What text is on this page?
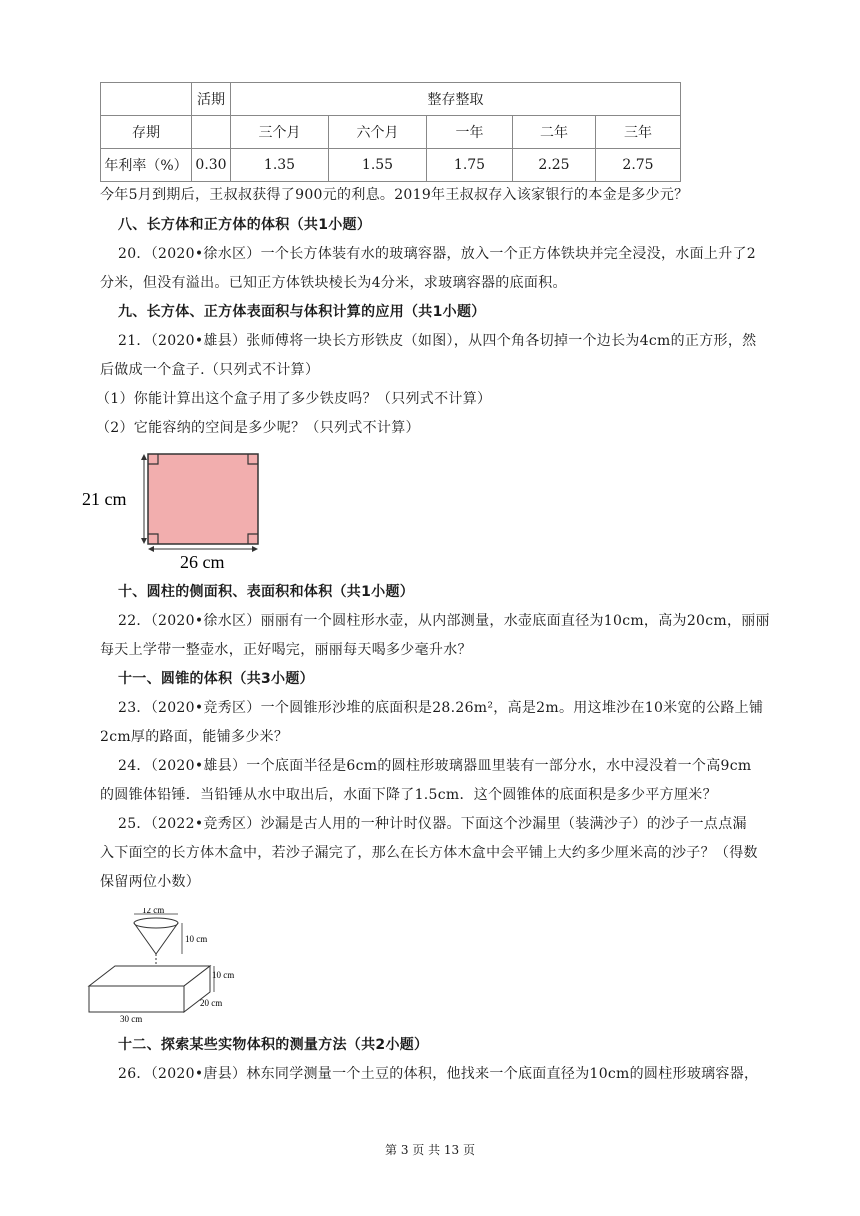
	活期	整存整取				
存期		三个月	六个月	一年	二年	三年
年利率（%）	0.30	1.35	1.55	1.75	2.25	2.75
今年5月到期后，王叔叔获得了900元的利息。2019年王叔叔存入该家银行的本金是多少元？
八、长方体和正方体的体积（共1小题）
20．（2020•徐水区）一个长方体装有水的玻璃容器，放入一个正方体铁块并完全浸没，水面上升了2
分米，但没有溢出。已知正方体铁块棱长为4分米，求玻璃容器的底面积。
九、长方体、正方体表面积与体积计算的应用（共1小题）
21．（2020•雄县）张师傅将一块长方形铁皮（如图），从四个角各切掉一个边长为4cm的正方形，然
后做成一个盒子.（只列式不计算）
（1）你能计算出这个盒子用了多少铁皮吗？（只列式不计算）
（2）它能容纳的空间是多少呢？（只列式不计算）
21 cm
26 cm
十、圆柱的侧面积、表面积和体积（共1小题）
22．（2020•徐水区）丽丽有一个圆柱形水壶，从内部测量，水壶底面直径为10cm，高为20cm，丽丽
每天上学带一整壶水，正好喝完，丽丽每天喝多少毫升水？
十一、圆锥的体积（共3小题）
23．（2020•竞秀区）一个圆锥形沙堆的底面积是28.26m²，高是2m。用这堆沙在10米宽的公路上铺
2cm厚的路面，能铺多少米？
24．（2020•雄县）一个底面半径是6cm的圆柱形玻璃器皿里装有一部分水，水中浸没着一个高9cm
的圆锥体铅锤．当铅锤从水中取出后，水面下降了1.5cm．这个圆锥体的底面积是多少平方厘米？
25．（2022•竞秀区）沙漏是古人用的一种计时仪器。下面这个沙漏里（装满沙子）的沙子一点点漏
入下面空的长方体木盒中，若沙子漏完了，那么在长方体木盒中会平铺上大约多少厘米高的沙子？（得数
保留两位小数）
12 cm
10 cm
10 cm
20 cm
30 cm
十二、探索某些实物体积的测量方法（共2小题）
26．（2020•唐县）林东同学测量一个土豆的体积，他找来一个底面直径为10cm的圆柱形玻璃容器，
第 3 页 共 13 页
